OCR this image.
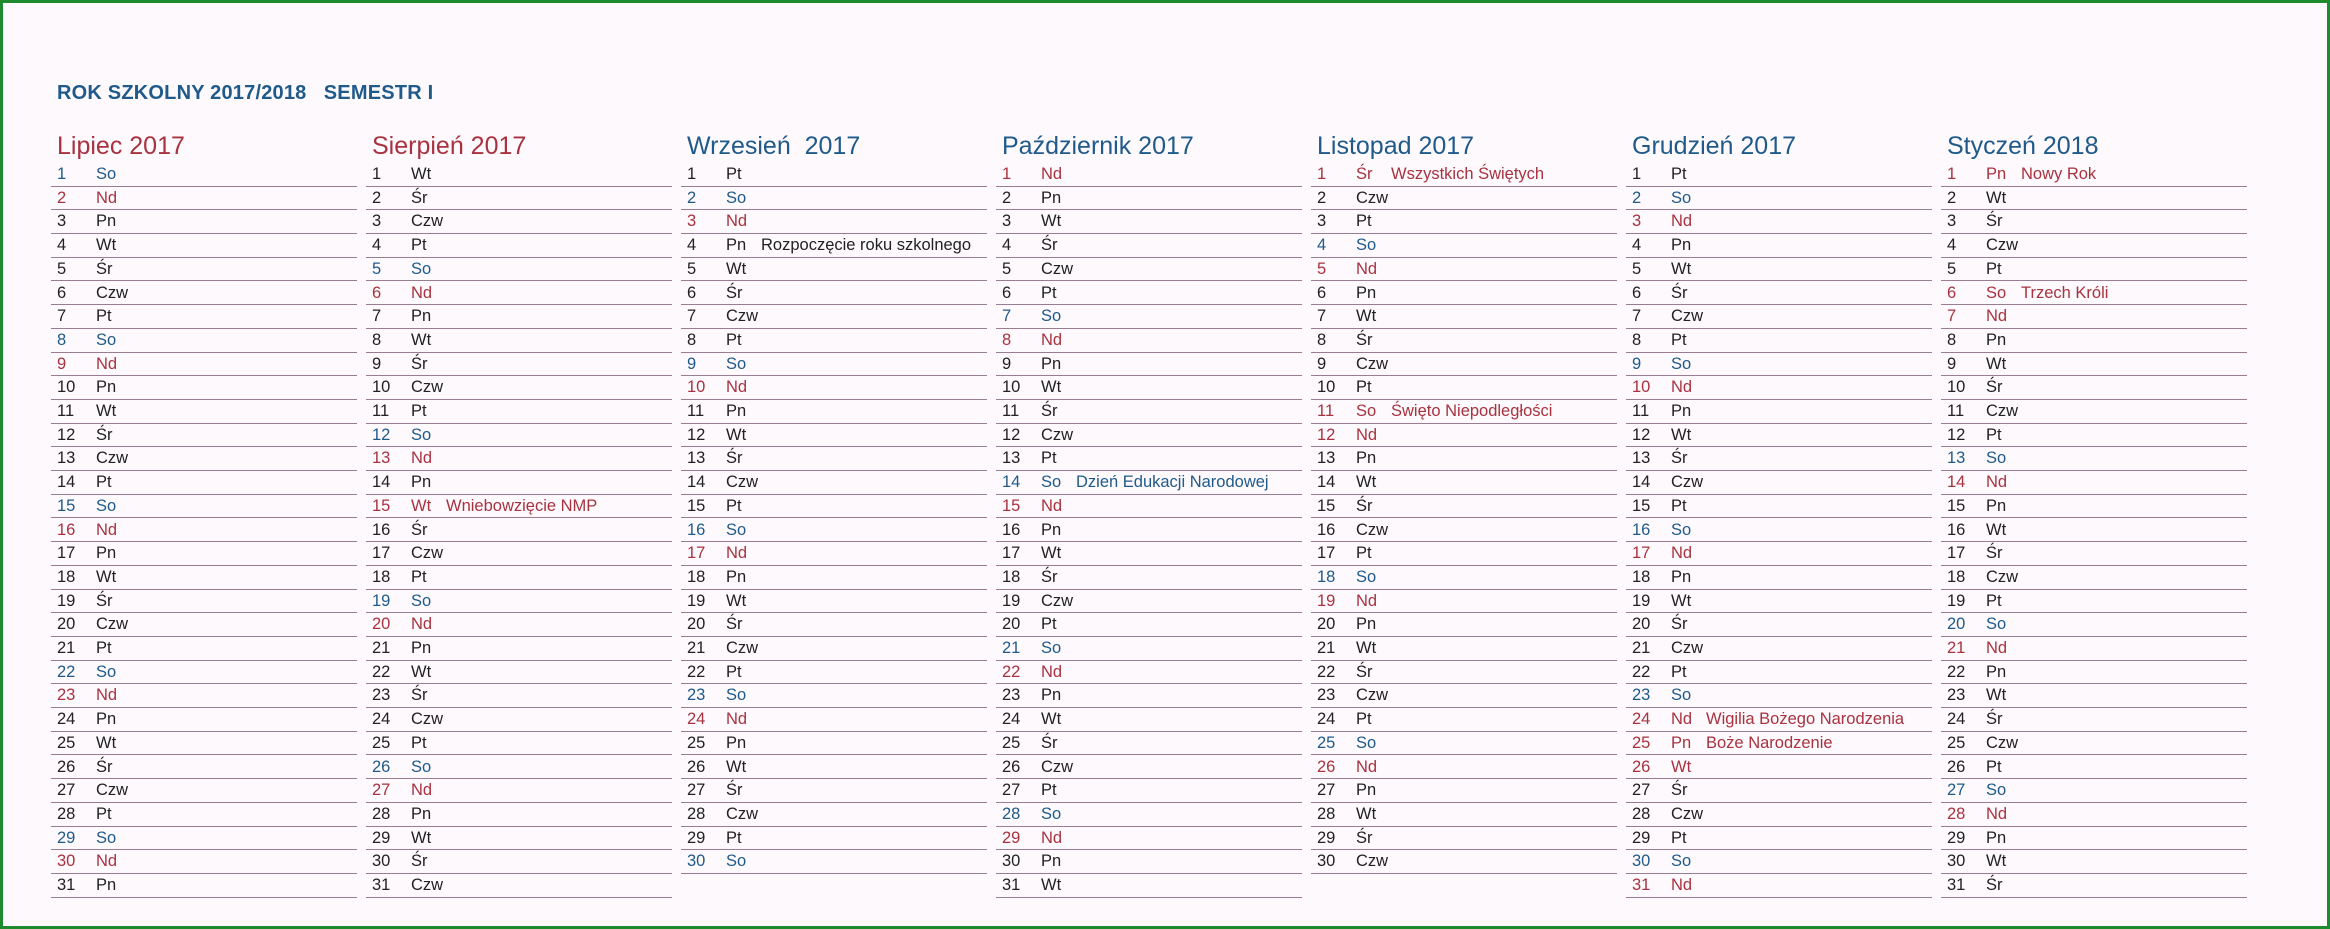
ROK SZKOLNY 2017/2018   SEMESTR I
Lipiec 2017
1 So
2 Nd
3 Pn
4 Wt
5 Śr
6 Czw
7 Pt
8 So
9 Nd
10 Pn
11 Wt
12 Śr
13 Czw
14 Pt
15 So
16 Nd
17 Pn
18 Wt
19 Śr
20 Czw
21 Pt
22 So
23 Nd
24 Pn
25 Wt
26 Śr
27 Czw
28 Pt
29 So
30 Nd
31 Pn
Sierpień 2017
1 Wt
2 Śr
3 Czw
4 Pt
5 So
6 Nd
7 Pn
8 Wt
9 Śr
10 Czw
11 Pt
12 So
13 Nd
14 Pn
15 Wt Wniebowzięcie NMP
16 Śr
17 Czw
18 Pt
19 So
20 Nd
21 Pn
22 Wt
23 Śr
24 Czw
25 Pt
26 So
27 Nd
28 Pn
29 Wt
30 Śr
31 Czw
Wrzesień  2017
1 Pt
2 So
3 Nd
4 Pn Rozpoczęcie roku szkolnego
5 Wt
6 Śr
7 Czw
8 Pt
9 So
10 Nd
11 Pn
12 Wt
13 Śr
14 Czw
15 Pt
16 So
17 Nd
18 Pn
19 Wt
20 Śr
21 Czw
22 Pt
23 So
24 Nd
25 Pn
26 Wt
27 Śr
28 Czw
29 Pt
30 So
Październik 2017
1 Nd
2 Pn
3 Wt
4 Śr
5 Czw
6 Pt
7 So
8 Nd
9 Pn
10 Wt
11 Śr
12 Czw
13 Pt
14 So Dzień Edukacji Narodowej
15 Nd
16 Pn
17 Wt
18 Śr
19 Czw
20 Pt
21 So
22 Nd
23 Pn
24 Wt
25 Śr
26 Czw
27 Pt
28 So
29 Nd
30 Pn
31 Wt
Listopad 2017
1 Śr Wszystkich Świętych
2 Czw
3 Pt
4 So
5 Nd
6 Pn
7 Wt
8 Śr
9 Czw
10 Pt
11 So Święto Niepodległości
12 Nd
13 Pn
14 Wt
15 Śr
16 Czw
17 Pt
18 So
19 Nd
20 Pn
21 Wt
22 Śr
23 Czw
24 Pt
25 So
26 Nd
27 Pn
28 Wt
29 Śr
30 Czw
Grudzień 2017
1 Pt
2 So
3 Nd
4 Pn
5 Wt
6 Śr
7 Czw
8 Pt
9 So
10 Nd
11 Pn
12 Wt
13 Śr
14 Czw
15 Pt
16 So
17 Nd
18 Pn
19 Wt
20 Śr
21 Czw
22 Pt
23 So
24 Nd Wigilia Bożego Narodzenia
25 Pn Boże Narodzenie
26 Wt
27 Śr
28 Czw
29 Pt
30 So
31 Nd
Styczeń 2018
1 Pn Nowy Rok
2 Wt
3 Śr
4 Czw
5 Pt
6 So Trzech Króli
7 Nd
8 Pn
9 Wt
10 Śr
11 Czw
12 Pt
13 So
14 Nd
15 Pn
16 Wt
17 Śr
18 Czw
19 Pt
20 So
21 Nd
22 Pn
23 Wt
24 Śr
25 Czw
26 Pt
27 So
28 Nd
29 Pn
30 Wt
31 Śr
